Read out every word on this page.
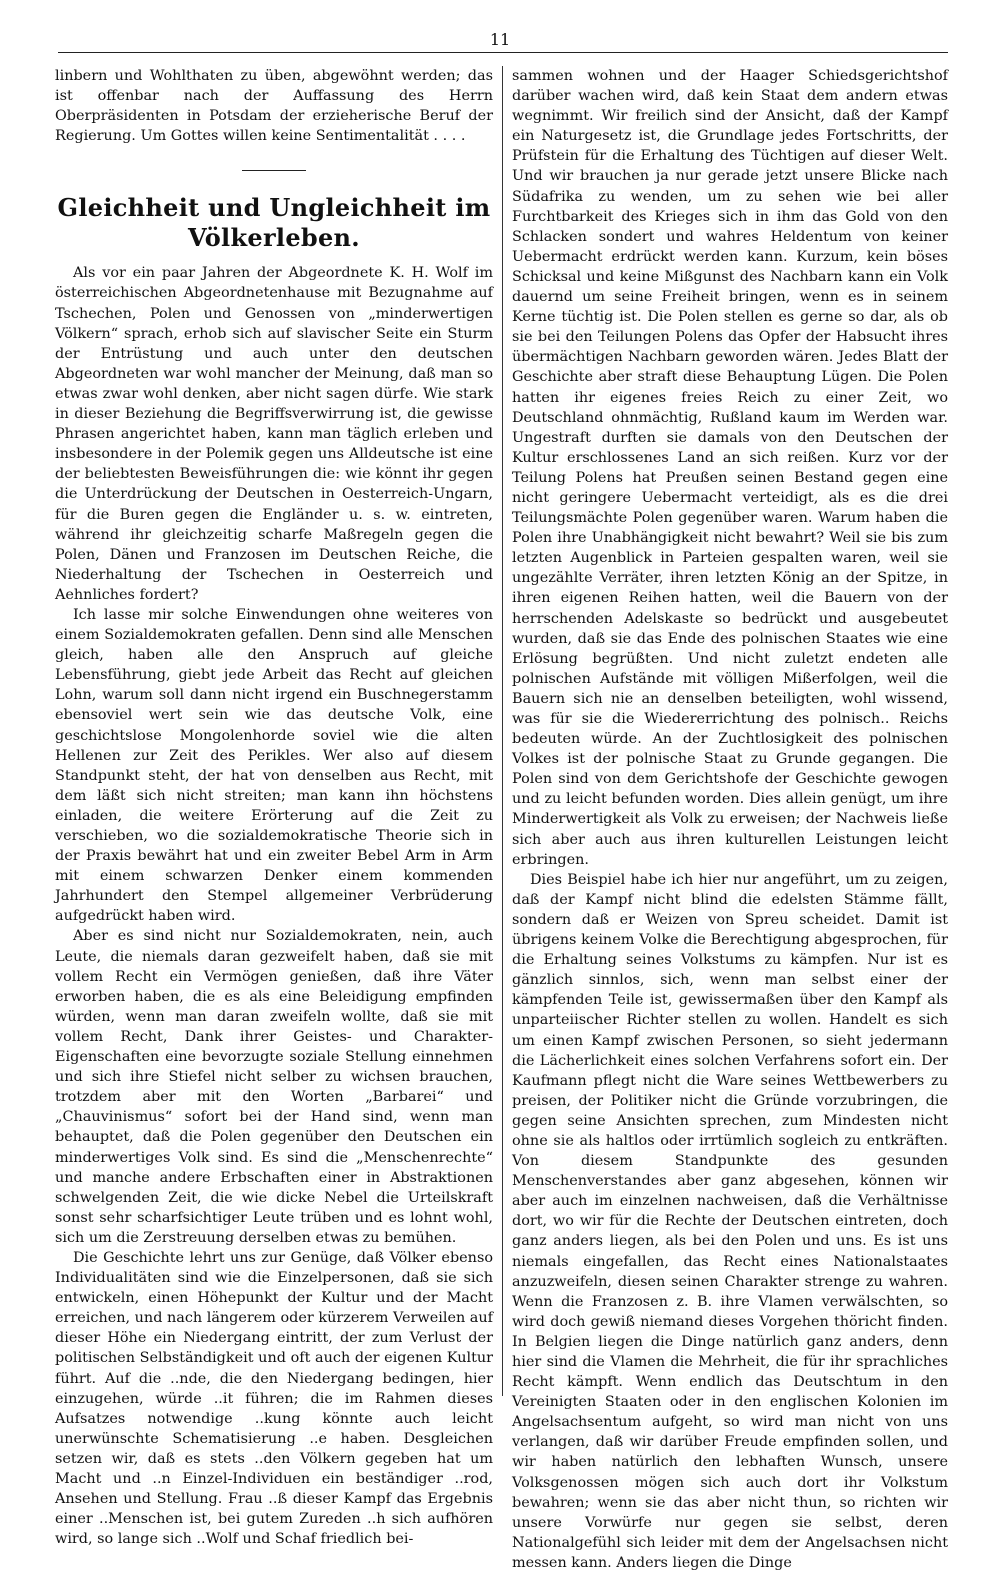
11

linbern und Wohlthaten zu üben, abgewöhnt werden; das ist offenbar nach der Auffassung des Herrn Oberpräsidenten in Potsdam der erzieherische Beruf der Regierung. Um Gottes willen keine Sentimentalität . . . .

Gleichheit und Ungleichheit im Völkerleben.

Als vor ein paar Jahren der Abgeordnete K. H. Wolf im österreichischen Abgeordnetenhause mit Bezugnahme auf Tschechen, Polen und Genossen von „minderwertigen Völkern“ sprach, erhob sich auf slavischer Seite ein Sturm der Entrüstung und auch unter den deutschen Abgeordneten war wohl mancher der Meinung, daß man so etwas zwar wohl denken, aber nicht sagen dürfe. Wie stark in dieser Beziehung die Begriffsverwirrung ist, die gewisse Phrasen angerichtet haben, kann man täglich erleben und insbesondere in der Polemik gegen uns Alldeutsche ist eine der beliebtesten Beweisführungen die: wie könnt ihr gegen die Unterdrückung der Deutschen in Oesterreich-Ungarn, für die Buren gegen die Engländer u. s. w. eintreten, während ihr gleichzeitig scharfe Maßregeln gegen die Polen, Dänen und Franzosen im Deutschen Reiche, die Niederhaltung der Tschechen in Oesterreich und Aehnliches fordert?

Ich lasse mir solche Einwendungen ohne weiteres von einem Sozialdemokraten gefallen. Denn sind alle Menschen gleich, haben alle den Anspruch auf gleiche Lebensführung, giebt jede Arbeit das Recht auf gleichen Lohn, warum soll dann nicht irgend ein Buschnegerstamm ebensoviel wert sein wie das deutsche Volk, eine geschichtslose Mongolenhorde soviel wie die alten Hellenen zur Zeit des Perikles. Wer also auf diesem Standpunkt steht, der hat von denselben aus Recht, mit dem läßt sich nicht streiten; man kann ihn höchstens einladen, die weitere Erörterung auf die Zeit zu verschieben, wo die sozialdemokratische Theorie sich in der Praxis bewährt hat und ein zweiter Bebel Arm in Arm mit einem schwarzen Denker einem kommenden Jahrhundert den Stempel allgemeiner Verbrüderung aufgedrückt haben wird.

Aber es sind nicht nur Sozialdemokraten, nein, auch Leute, die niemals daran gezweifelt haben, daß sie mit vollem Recht ein Vermögen genießen, daß ihre Väter erworben haben, die es als eine Beleidigung empfinden würden, wenn man daran zweifeln wollte, daß sie mit vollem Recht, Dank ihrer Geistes- und Charakter-Eigenschaften eine bevorzugte soziale Stellung einnehmen und sich ihre Stiefel nicht selber zu wichsen brauchen, trotzdem aber mit den Worten „Barbarei“ und „Chauvinismus“ sofort bei der Hand sind, wenn man behauptet, daß die Polen gegenüber den Deutschen ein minderwertiges Volk sind. Es sind die „Menschenrechte“ und manche andere Erbschaften einer in Abstraktionen schwelgenden Zeit, die wie dicke Nebel die Urteilskraft sonst sehr scharfsichtiger Leute trüben und es lohnt wohl, sich um die Zerstreuung derselben etwas zu bemühen.

Die Geschichte lehrt uns zur Genüge, daß Völker ebenso Individualitäten sind wie die Einzelpersonen, daß sie sich entwickeln, einen Höhepunkt der Kultur und der Macht erreichen, und nach längerem oder kürzerem Verweilen auf dieser Höhe ein Niedergang eintritt, der zum Verlust der politischen Selbständigkeit und oft auch der eigenen Kultur führt. Auf die ..nde, die den Niedergang bedingen, hier einzugehen, würde ..it führen; die im Rahmen dieses Aufsatzes notwendige ..kung könnte auch leicht unerwünschte Schematisierung ..e haben. Desgleichen setzen wir, daß es stets ..den Völkern gegeben hat um Macht und ..n Einzel-Individuen ein beständiger ..rod, Ansehen und Stellung. Frau ..ß dieser Kampf das Ergebnis einer ..Menschen ist, bei gutem Zureden ..h sich aufhören wird, so lange sich ..Wolf und Schaf friedlich bei-

sammen wohnen und der Haager Schiedsgerichtshof darüber wachen wird, daß kein Staat dem andern etwas wegnimmt. Wir freilich sind der Ansicht, daß der Kampf ein Naturgesetz ist, die Grundlage jedes Fortschritts, der Prüfstein für die Erhaltung des Tüchtigen auf dieser Welt. Und wir brauchen ja nur gerade jetzt unsere Blicke nach Südafrika zu wenden, um zu sehen wie bei aller Furchtbarkeit des Krieges sich in ihm das Gold von den Schlacken sondert und wahres Heldentum von keiner Uebermacht erdrückt werden kann. Kurzum, kein böses Schicksal und keine Mißgunst des Nachbarn kann ein Volk dauernd um seine Freiheit bringen, wenn es in seinem Kerne tüchtig ist. Die Polen stellen es gerne so dar, als ob sie bei den Teilungen Polens das Opfer der Habsucht ihres übermächtigen Nachbarn geworden wären. Jedes Blatt der Geschichte aber straft diese Behauptung Lügen. Die Polen hatten ihr eigenes freies Reich zu einer Zeit, wo Deutschland ohnmächtig, Rußland kaum im Werden war. Ungestraft durften sie damals von den Deutschen der Kultur erschlossenes Land an sich reißen. Kurz vor der Teilung Polens hat Preußen seinen Bestand gegen eine nicht geringere Uebermacht verteidigt, als es die drei Teilungsmächte Polen gegenüber waren. Warum haben die Polen ihre Unabhängigkeit nicht bewahrt? Weil sie bis zum letzten Augenblick in Parteien gespalten waren, weil sie ungezählte Verräter, ihren letzten König an der Spitze, in ihren eigenen Reihen hatten, weil die Bauern von der herrschenden Adelskaste so bedrückt und ausgebeutet wurden, daß sie das Ende des polnischen Staates wie eine Erlösung begrüßten. Und nicht zuletzt endeten alle polnischen Aufstände mit völligen Mißerfolgen, weil die Bauern sich nie an denselben beteiligten, wohl wissend, was für sie die Wiedererrichtung des polnisch.. Reichs bedeuten würde. An der Zuchtlosigkeit des polnischen Volkes ist der polnische Staat zu Grunde gegangen. Die Polen sind von dem Gerichtshofe der Geschichte gewogen und zu leicht befunden worden. Dies allein genügt, um ihre Minderwertigkeit als Volk zu erweisen; der Nachweis ließe sich aber auch aus ihren kulturellen Leistungen leicht erbringen.

Dies Beispiel habe ich hier nur angeführt, um zu zeigen, daß der Kampf nicht blind die edelsten Stämme fällt, sondern daß er Weizen von Spreu scheidet. Damit ist übrigens keinem Volke die Berechtigung abgesprochen, für die Erhaltung seines Volkstums zu kämpfen. Nur ist es gänzlich sinnlos, sich, wenn man selbst einer der kämpfenden Teile ist, gewissermaßen über den Kampf als unparteiischer Richter stellen zu wollen. Handelt es sich um einen Kampf zwischen Personen, so sieht jedermann die Lächerlichkeit eines solchen Verfahrens sofort ein. Der Kaufmann pflegt nicht die Ware seines Wettbewerbers zu preisen, der Politiker nicht die Gründe vorzubringen, die gegen seine Ansichten sprechen, zum Mindesten nicht ohne sie als haltlos oder irrtümlich sogleich zu entkräften. Von diesem Standpunkte des gesunden Menschenverstandes aber ganz abgesehen, können wir aber auch im einzelnen nachweisen, daß die Verhältnisse dort, wo wir für die Rechte der Deutschen eintreten, doch ganz anders liegen, als bei den Polen und uns. Es ist uns niemals eingefallen, das Recht eines Nationalstaates anzuzweifeln, diesen seinen Charakter strenge zu wahren. Wenn die Franzosen z. B. ihre Vlamen verwälschten, so wird doch gewiß niemand dieses Vorgehen thöricht finden. In Belgien liegen die Dinge natürlich ganz anders, denn hier sind die Vlamen die Mehrheit, die für ihr sprachliches Recht kämpft. Wenn endlich das Deutschtum in den Vereinigten Staaten oder in den englischen Kolonien im Angelsachsentum aufgeht, so wird man nicht von uns verlangen, daß wir darüber Freude empfinden sollen, und wir haben natürlich den lebhaften Wunsch, unsere Volksgenossen mögen sich auch dort ihr Volkstum bewahren; wenn sie das aber nicht thun, so richten wir unsere Vorwürfe nur gegen sie selbst, deren Nationalgefühl sich leider mit dem der Angelsachsen nicht messen kann. Anders liegen die Dinge
